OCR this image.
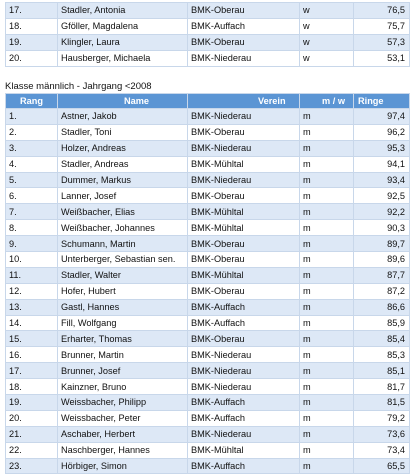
17.	Stadler, Antonia	BMK-Oberau	w	76,5
18.	Gföller, Magdalena	BMK-Auffach	w	75,7
19.	Klingler, Laura	BMK-Oberau	w	57,3
20.	Hausberger, Michaela	BMK-Niederau	w	53,1
Klasse männlich - Jahrgang <2008
Rang	Name	Verein	m / w	Ringe
1.	Astner, Jakob	BMK-Niederau	m	97,4
2.	Stadler, Toni	BMK-Oberau	m	96,2
3.	Holzer, Andreas	BMK-Niederau	m	95,3
4.	Stadler, Andreas	BMK-Mühltal	m	94,1
5.	Dummer, Markus	BMK-Niederau	m	93,4
6.	Lanner, Josef	BMK-Oberau	m	92,5
7.	Weißbacher, Elias	BMK-Mühltal	m	92,2
8.	Weißbacher, Johannes	BMK-Mühltal	m	90,3
9.	Schumann, Martin	BMK-Oberau	m	89,7
10.	Unterberger, Sebastian sen.	BMK-Oberau	m	89,6
11.	Stadler, Walter	BMK-Mühltal	m	87,7
12.	Hofer, Hubert	BMK-Oberau	m	87,2
13.	Gastl, Hannes	BMK-Auffach	m	86,6
14.	Fill, Wolfgang	BMK-Auffach	m	85,9
15.	Erharter, Thomas	BMK-Oberau	m	85,4
16.	Brunner, Martin	BMK-Niederau	m	85,3
17.	Brunner, Josef	BMK-Niederau	m	85,1
18.	Kainzner, Bruno	BMK-Niederau	m	81,7
19.	Weissbacher, Philipp	BMK-Auffach	m	81,5
20.	Weissbacher, Peter	BMK-Auffach	m	79,2
21.	Aschaber, Herbert	BMK-Niederau	m	73,6
22.	Naschberger, Hannes	BMK-Mühltal	m	73,4
23.	Hörbiger, Simon	BMK-Auffach	m	65,5
